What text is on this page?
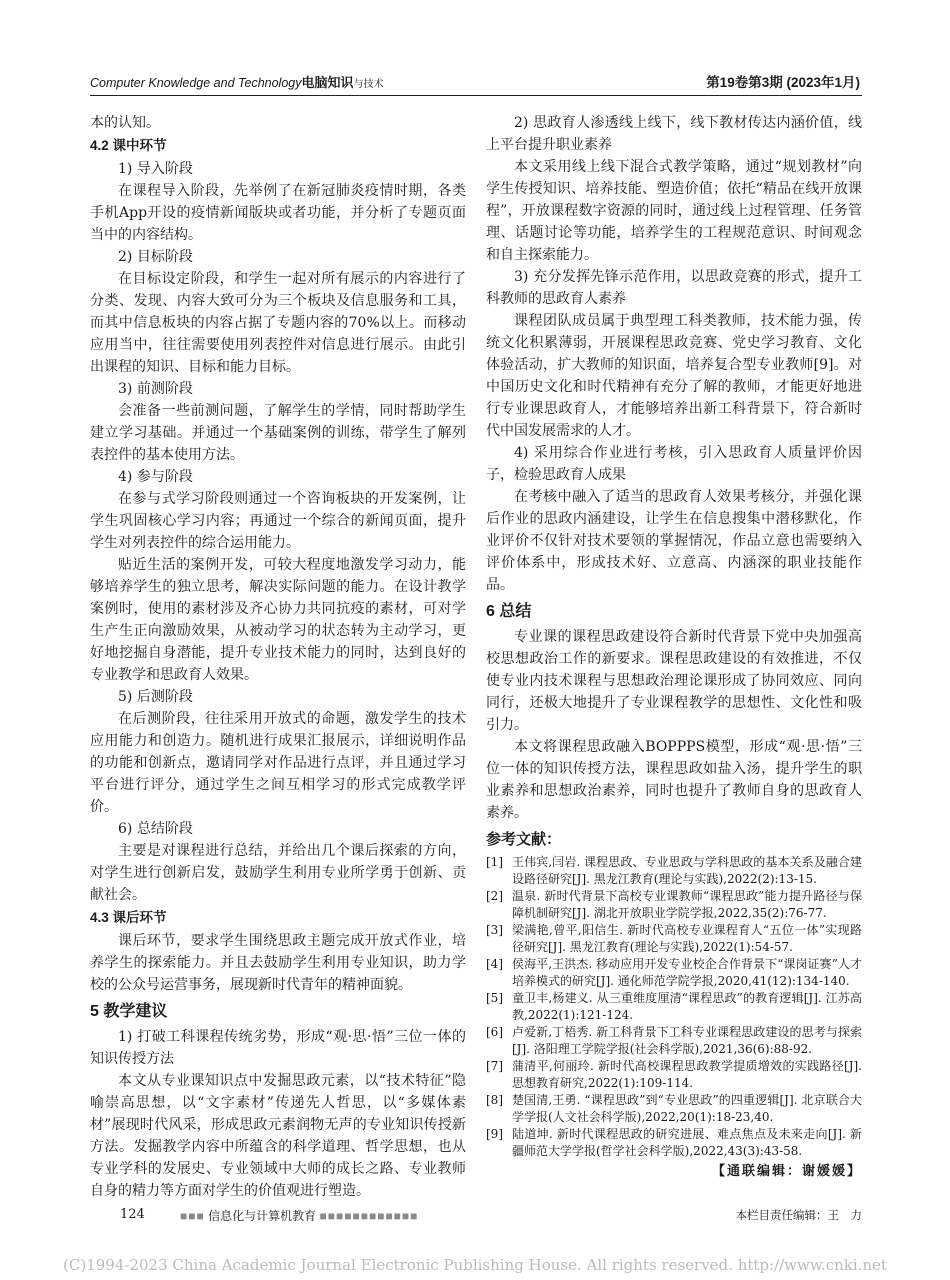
Computer Knowledge and Technology电脑知识与技术	第19卷第3期 (2023年1月)

本的认知。

4.2 课中环节

1) 导入阶段

在课程导入阶段，先举例了在新冠肺炎疫情时期，各类手机App开设的疫情新闻版块或者功能，并分析了专题页面当中的内容结构。

2) 目标阶段

在目标设定阶段，和学生一起对所有展示的内容进行了分类、发现、内容大致可分为三个板块及信息服务和工具，而其中信息板块的内容占据了专题内容的70%以上。而移动应用当中，往往需要使用列表控件对信息进行展示。由此引出课程的知识、目标和能力目标。

3) 前测阶段

会准备一些前测问题，了解学生的学情，同时帮助学生建立学习基础。并通过一个基础案例的训练，带学生了解列表控件的基本使用方法。

4) 参与阶段

在参与式学习阶段则通过一个咨询板块的开发案例，让学生巩固核心学习内容；再通过一个综合的新闻页面，提升学生对列表控件的综合运用能力。

贴近生活的案例开发，可较大程度地激发学习动力，能够培养学生的独立思考，解决实际问题的能力。在设计教学案例时，使用的素材涉及齐心协力共同抗疫的素材，可对学生产生正向激励效果，从被动学习的状态转为主动学习，更好地挖掘自身潜能，提升专业技术能力的同时，达到良好的专业教学和思政育人效果。

5) 后测阶段

在后测阶段，往往采用开放式的命题，激发学生的技术应用能力和创造力。随机进行成果汇报展示，详细说明作品的功能和创新点，邀请同学对作品进行点评，并且通过学习平台进行评分，通过学生之间互相学习的形式完成教学评价。

6) 总结阶段

主要是对课程进行总结，并给出几个课后探索的方向，对学生进行创新启发，鼓励学生利用专业所学勇于创新、贡献社会。

4.3 课后环节

课后环节，要求学生围绕思政主题完成开放式作业，培养学生的探索能力。并且去鼓励学生利用专业知识，助力学校的公众号运营事务，展现新时代青年的精神面貌。

5 教学建议

1) 打破工科课程传统劣势，形成“观·思·悟”三位一体的知识传授方法

本文从专业课知识点中发掘思政元素，以“技术特征”隐喻崇高思想，以“文字素材”传递先人哲思，以“多媒体素材”展现时代风采，形成思政元素润物无声的专业知识传授新方法。发掘教学内容中所蕴含的科学道理、哲学思想，也从专业学科的发展史、专业领域中大师的成长之路、专业教师自身的精力等方面对学生的价值观进行塑造。

2) 思政育人渗透线上线下，线下教材传达内涵价值，线上平台提升职业素养

本文采用线上线下混合式教学策略，通过“规划教材”向学生传授知识、培养技能、塑造价值；依托“精品在线开放课程”，开放课程数字资源的同时，通过线上过程管理、任务管理、话题讨论等功能，培养学生的工程规范意识、时间观念和自主探索能力。

3) 充分发挥先锋示范作用，以思政竞赛的形式，提升工科教师的思政育人素养

课程团队成员属于典型理工科类教师，技术能力强，传统文化积累薄弱，开展课程思政竞赛、党史学习教育、文化体验活动，扩大教师的知识面，培养复合型专业教师[9]。对中国历史文化和时代精神有充分了解的教师，才能更好地进行专业课思政育人，才能够培养出新工科背景下，符合新时代中国发展需求的人才。

4) 采用综合作业进行考核，引入思政育人质量评价因子，检验思政育人成果

在考核中融入了适当的思政育人效果考核分，并强化课后作业的思政内涵建设，让学生在信息搜集中潜移默化，作业评价不仅针对技术要领的掌握情况，作品立意也需要纳入评价体系中，形成技术好、立意高、内涵深的职业技能作品。

6 总结

专业课的课程思政建设符合新时代背景下党中央加强高校思想政治工作的新要求。课程思政建设的有效推进，不仅使专业内技术课程与思想政治理论课形成了协同效应、同向同行，还极大地提升了专业课程教学的思想性、文化性和吸引力。

本文将课程思政融入BOPPPS模型，形成“观·思·悟”三位一体的知识传授方法，课程思政如盐入汤，提升学生的职业素养和思想政治素养，同时也提升了教师自身的思政育人素养。

参考文献：
[1] 王伟宾,闫岩. 课程思政、专业思政与学科思政的基本关系及融合建设路径研究[J]. 黑龙江教育(理论与实践),2022(2):13-15.
[2] 温泉. 新时代背景下高校专业课教师“课程思政”能力提升路径与保障机制研究[J]. 湖北开放职业学院学报,2022,35(2):76-77.
[3] 梁满艳,曾平,阳信生. 新时代高校专业课程育人“五位一体”实现路径研究[J]. 黑龙江教育(理论与实践),2022(1):54-57.
[4] 侯海平,王洪杰. 移动应用开发专业校企合作背景下“课岗证赛”人才培养模式的研究[J]. 通化师范学院学报,2020,41(12):134-140.
[5] 童卫丰,杨建义. 从三重维度厘清“课程思政”的教育逻辑[J]. 江苏高教,2022(1):121-124.
[6] 卢爱新,丁梧秀. 新工科背景下工科专业课程思政建设的思考与探索[J]. 洛阳理工学院学报(社会科学版),2021,36(6):88-92.
[7] 蒲清平,何丽玲. 新时代高校课程思政教学提质增效的实践路径[J]. 思想教育研究,2022(1):109-114.
[8] 楚国清,王勇. “课程思政”到“专业思政”的四重逻辑[J]. 北京联合大学学报(人文社会科学版),2022,20(1):18-23,40.
[9] 陆道坤. 新时代课程思政的研究进展、难点焦点及未来走向[J]. 新疆师范大学学报(哲学社会科学版),2022,43(3):43-58.
【通联编辑：谢媛媛】
124	■■■ 信息化与计算机教育 ■■■■■■■■■■■■	本栏目责任编辑：王　力
(C)1994-2023 China Academic Journal Electronic Publishing House. All rights reserved. http://www.cnki.net
